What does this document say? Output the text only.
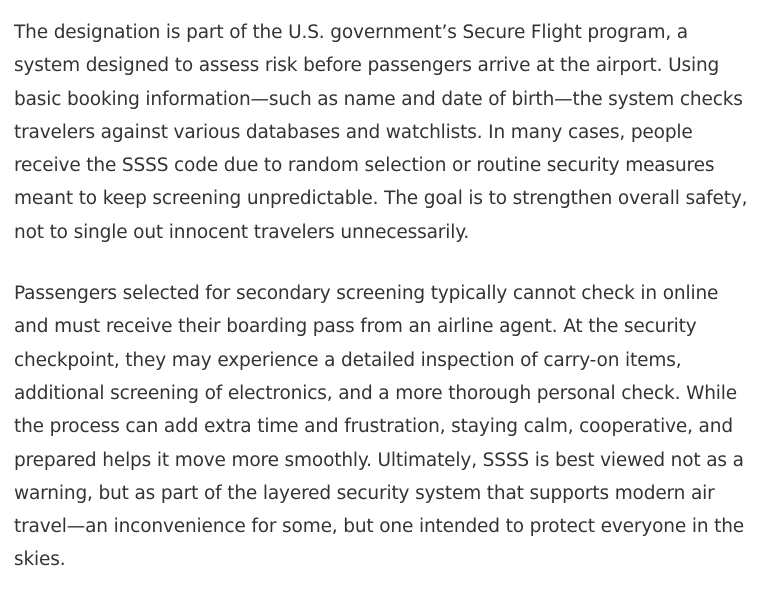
The designation is part of the U.S. government’s Secure Flight program, a
system designed to assess risk before passengers arrive at the airport. Using
basic booking information—such as name and date of birth—the system checks
travelers against various databases and watchlists. In many cases, people
receive the SSSS code due to random selection or routine security measures
meant to keep screening unpredictable. The goal is to strengthen overall safety,
not to single out innocent travelers unnecessarily.

Passengers selected for secondary screening typically cannot check in online
and must receive their boarding pass from an airline agent. At the security
checkpoint, they may experience a detailed inspection of carry-on items,
additional screening of electronics, and a more thorough personal check. While
the process can add extra time and frustration, staying calm, cooperative, and
prepared helps it move more smoothly. Ultimately, SSSS is best viewed not as a
warning, but as part of the layered security system that supports modern air
travel—an inconvenience for some, but one intended to protect everyone in the
skies.
